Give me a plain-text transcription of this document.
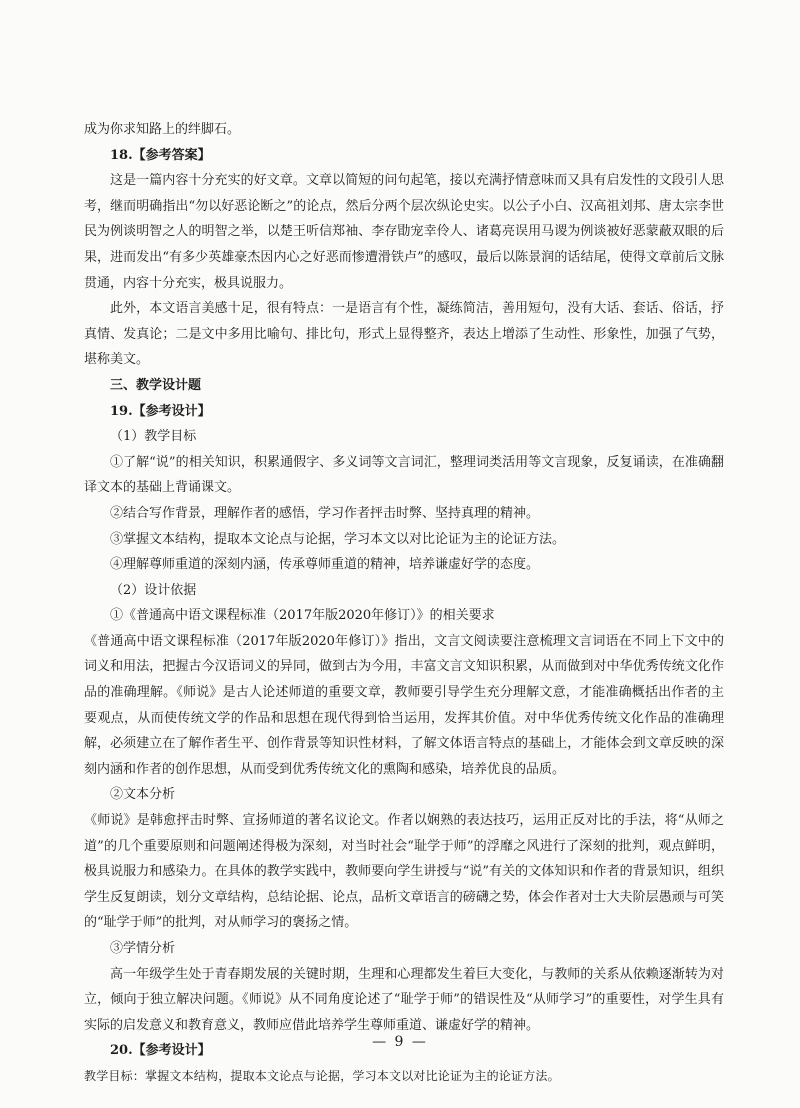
成为你求知路上的绊脚石。

18.【参考答案】

这是一篇内容十分充实的好文章。文章以简短的问句起笔，接以充满抒情意味而又具有启发性的文段引人思考，继而明确指出“勿以好恶论断之”的论点，然后分两个层次纵论史实。以公子小白、汉高祖刘邦、唐太宗李世民为例谈明智之人的明智之举，以楚王听信郑袖、李存勖宠幸伶人、诸葛亮误用马谡为例谈被好恶蒙蔽双眼的后果，进而发出“有多少英雄豪杰因内心之好恶而惨遭滑铁卢”的感叹，最后以陈景润的话结尾，使得文章前后文脉贯通，内容十分充实，极具说服力。

此外，本文语言美感十足，很有特点：一是语言有个性，凝练简洁，善用短句，没有大话、套话、俗话，抒真情、发真论；二是文中多用比喻句、排比句，形式上显得整齐，表达上增添了生动性、形象性，加强了气势，堪称美文。

三、教学设计题

19.【参考设计】

（1）教学目标

①了解“说”的相关知识，积累通假字、多义词等文言词汇，整理词类活用等文言现象，反复诵读，在准确翻译文本的基础上背诵课文。

②结合写作背景，理解作者的感悟，学习作者抨击时弊、坚持真理的精神。

③掌握文本结构，提取本文论点与论据，学习本文以对比论证为主的论证方法。

④理解尊师重道的深刻内涵，传承尊师重道的精神，培养谦虚好学的态度。

（2）设计依据

①《普通高中语文课程标准（2017年版2020年修订）》的相关要求

《普通高中语文课程标准（2017年版2020年修订）》指出，文言文阅读要注意梳理文言词语在不同上下文中的词义和用法，把握古今汉语词义的异同，做到古为今用，丰富文言文知识积累，从而做到对中华优秀传统文化作品的准确理解。《师说》是古人论述师道的重要文章，教师要引导学生充分理解文意，才能准确概括出作者的主要观点，从而使传统文学的作品和思想在现代得到恰当运用，发挥其价值。对中华优秀传统文化作品的准确理解，必须建立在了解作者生平、创作背景等知识性材料，了解文体语言特点的基础上，才能体会到文章反映的深刻内涵和作者的创作思想，从而受到优秀传统文化的熏陶和感染，培养优良的品质。

②文本分析

《师说》是韩愈抨击时弊、宣扬师道的著名议论文。作者以娴熟的表达技巧，运用正反对比的手法，将“从师之道”的几个重要原则和问题阐述得极为深刻，对当时社会“耻学于师”的浮靡之风进行了深刻的批判，观点鲜明，极具说服力和感染力。在具体的教学实践中，教师要向学生讲授与“说”有关的文体知识和作者的背景知识，组织学生反复朗读，划分文章结构，总结论据、论点，品析文章语言的磅礴之势，体会作者对士大夫阶层愚顽与可笑的“耻学于师”的批判，对从师学习的褒扬之情。

③学情分析

高一年级学生处于青春期发展的关键时期，生理和心理都发生着巨大变化，与教师的关系从依赖逐渐转为对立，倾向于独立解决问题。《师说》从不同角度论述了“耻学于师”的错误性及“从师学习”的重要性，对学生具有实际的启发意义和教育意义，教师应借此培养学生尊师重道、谦虚好学的精神。

20.【参考设计】

教学目标：掌握文本结构，提取本文论点与论据，学习本文以对比论证为主的论证方法。

— 9 —
